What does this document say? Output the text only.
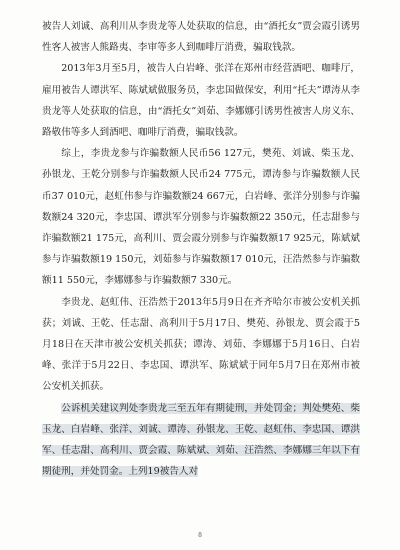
被告人刘诚、高利川从李贵龙等人处获取的信息，由“酒托女”贾会霞引诱男性客人被害人熊路夷、李审等多人到咖啡厅消费，骗取钱款。

2013年3月至5月，被告人白岩峰、张洋在郑州市经营酒吧、咖啡厅，雇用被告人谭洪军、陈斌斌做服务员，李忠国做保安，利用“托夫”谭涛从李贵龙等人处获取的信息，由“酒托女”刘茹、李娜娜引诱男性被害人房义东、路敬伟等多人到酒吧、咖啡厅消费，骗取钱款。

综上，李贵龙参与诈骗数额人民币56 127元，樊苑、刘诚、柴玉龙、孙银龙、王乾分别参与诈骗数额人民币24 775元，谭涛参与诈骗数额人民币37 010元，赵虹伟参与诈骗数额24 667元，白岩峰、张洋分别参与诈骗数额24 320元，李忠国、谭洪军分别参与诈骗数额22 350元，任志甜参与诈骗数额21 175元，高利川、贾会霞分别参与诈骗数额17 925元，陈斌斌参与诈骗数额19 150元，刘茹参与诈骗数额17 010元，汪浩然参与诈骗数额11 550元，李娜娜参与诈骗数额7 330元。

李贵龙、赵虹伟、汪浩然于2013年5月9日在齐齐哈尔市被公安机关抓获；刘诚、王乾、任志甜、高利川于5月17日、樊苑、孙银龙、贾会霞于5月18日在天津市被公安机关抓获；谭涛、刘茹、李娜娜于5月16日、白岩峰、张洋于5月22日、李忠国、谭洪军、陈斌斌于同年5月7日在郑州市被公安机关抓获。

公诉机关建议判处李贵龙三至五年有期徒刑，并处罚金；判处樊苑、柴玉龙、白岩峰、张洋、刘诚、谭涛、孙银龙、王乾、赵虹伟、李忠国、谭洪军、任志甜、高利川、贾会霞、陈斌斌、刘茹、汪浩然、李娜娜三年以下有期徒刑，并处罚金。上列19被告人对

8
